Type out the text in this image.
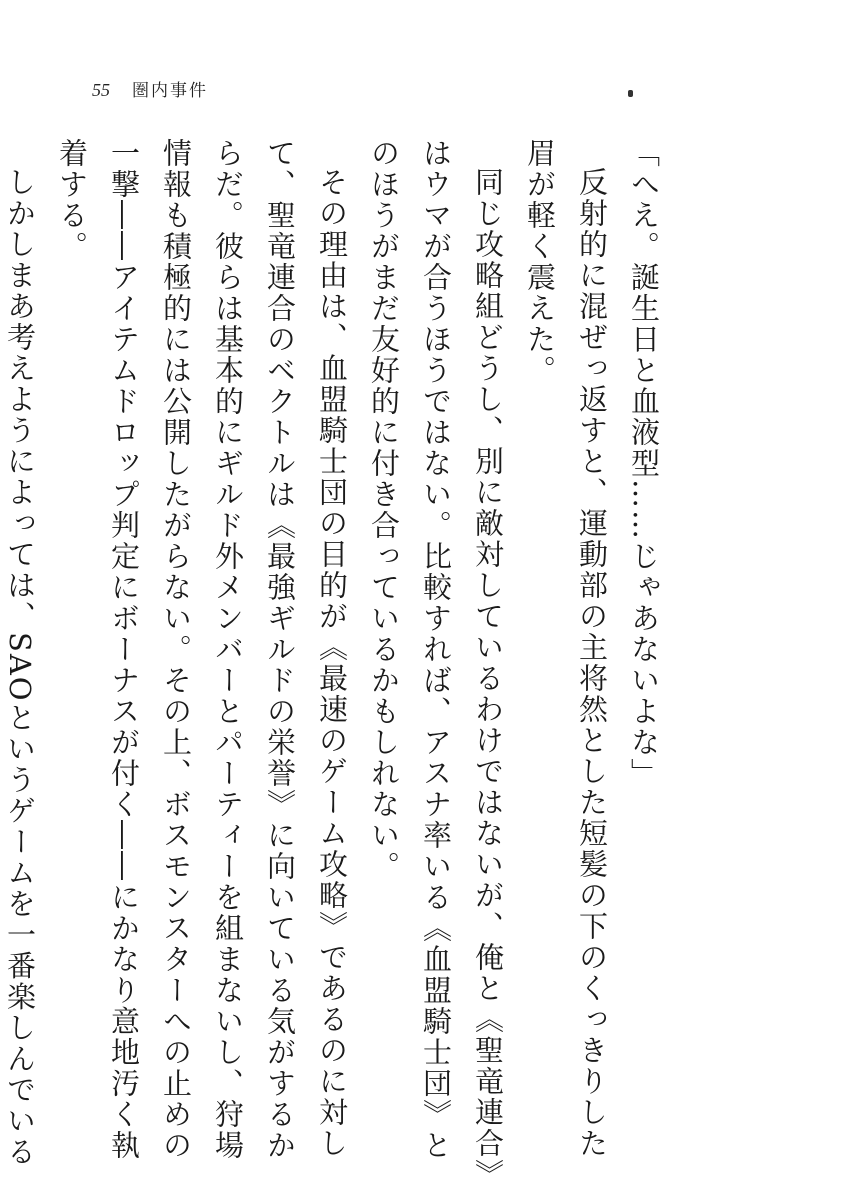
55 圏内事件

「へえ。誕生日と血液型……じゃあないよな」

反射的に混ぜっ返すと、運動部の主将然とした短髪の下のくっきりした眉が軽く震えた。

同じ攻略組どうし、別に敵対しているわけではないが、俺と《聖竜連合》はウマが合うほうではない。比較すれば、アスナ率いる《血盟騎士団》とのほうがまだ友好的に付き合っているかもしれない。

その理由は、血盟騎士団の目的が《最速のゲーム攻略》であるのに対して、聖竜連合のベクトルは《最強ギルドの栄誉》に向いている気がするからだ。彼らは基本的にギルド外メンバーとパーティーを組まないし、狩場情報も積極的には公開したがらない。その上、ボスモンスターへの止めの一撃――アイテムドロップ判定にボーナスが付く――にかなり意地汚く執着する。

しかしまあ考えようによっては、SAOというゲームを一番楽しんでいる
